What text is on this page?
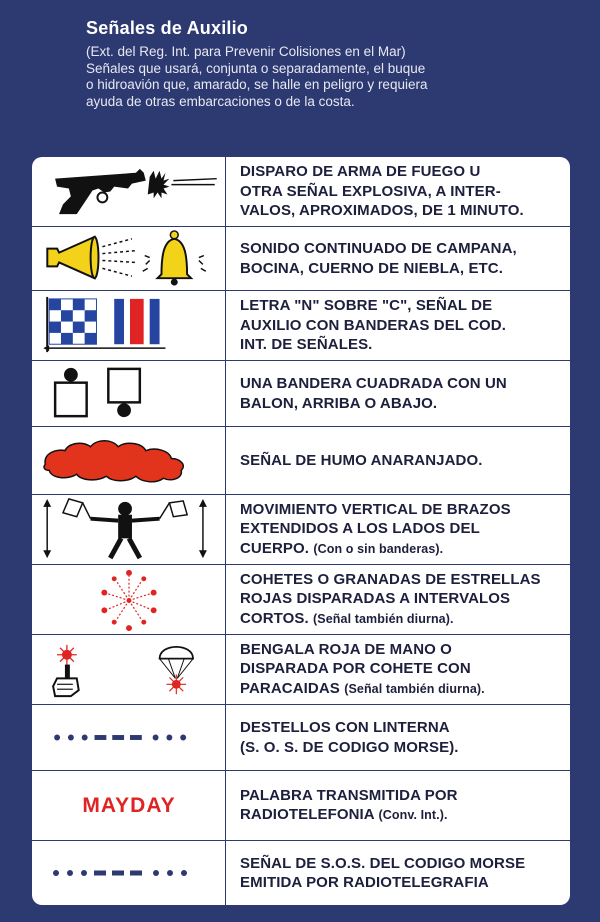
Señales de Auxilio
(Ext. del Reg. Int. para Prevenir Colisiones en el Mar)
Señales que usará, conjunta o separadamente, el buque
o hidroavión que, amarado, se halle en peligro y requiera
ayuda de otras embarcaciones o de la costa.
DISPARO DE ARMA DE FUEGO U
OTRA SEÑAL EXPLOSIVA, A INTER-
VALOS, APROXIMADOS, DE 1 MINUTO.
SONIDO CONTINUADO DE CAMPANA,
BOCINA, CUERNO DE NIEBLA, ETC.
LETRA "N" SOBRE "C", SEÑAL DE
AUXILIO CON BANDERAS DEL COD.
INT. DE SEÑALES.
UNA BANDERA CUADRADA CON UN
BALON, ARRIBA O ABAJO.
SEÑAL DE HUMO ANARANJADO.
MOVIMIENTO VERTICAL DE BRAZOS
EXTENDIDOS A LOS LADOS DEL
CUERPO. (Con o sin banderas).
COHETES O GRANADAS DE ESTRELLAS
ROJAS DISPARADAS A INTERVALOS
CORTOS. (Señal también diurna).
BENGALA ROJA DE MANO O
DISPARADA POR COHETE CON
PARACAIDAS (Señal también diurna).
DESTELLOS CON LINTERNA
(S. O. S. DE CODIGO MORSE).
MAYDAY	PALABRA TRANSMITIDA POR
RADIOTELEFONIA (Conv. Int.).
SEÑAL DE S.O.S. DEL CODIGO MORSE
EMITIDA POR RADIOTELEGRAFIA
